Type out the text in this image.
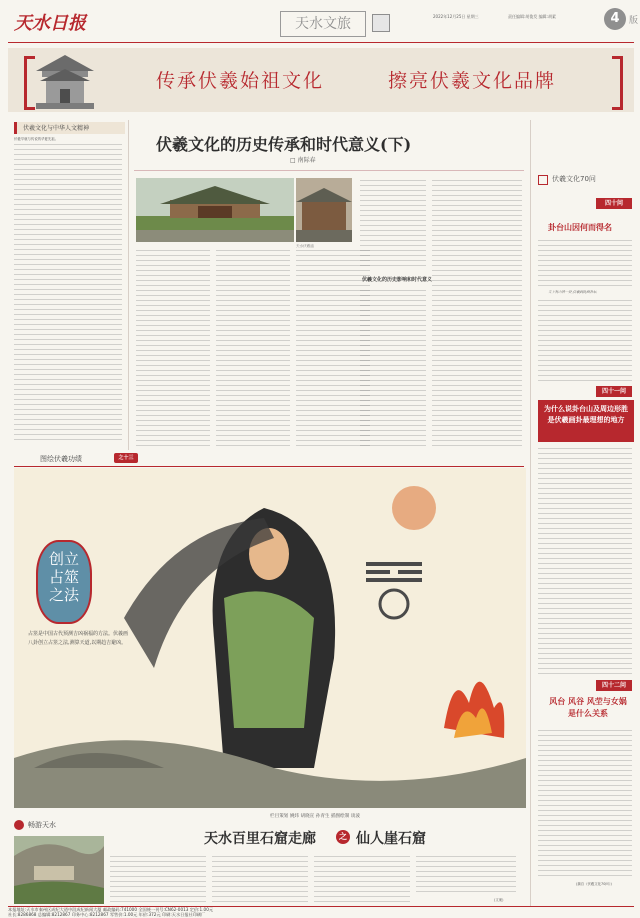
天水日报	天水文旅	2022年12月25日 星期三	责任编辑:胡俊发 编辑:胡素	4	版
传承伏羲始祖文化	擦亮伏羲文化品牌
伏羲文化与中华人文精神
伏羲早就与传说的华夏先祖。	伏羲文化的历史传承和时代意义(下)
□ 南际春
天水伏羲庙
伏羲文化的历史影响和时代意义
伏羲文化70问
四十问
卦台山因何而得名
天下有山皆一卦,伏羲到此画卦坛
四十一问
为什么说卦台山及周边形胜是伏羲画卦最理想的地方
四十二问
风台 风谷 风茔与女娲是什么关系
(摘自《伏羲文化70问》)
图绘伏羲功绩	之十三
创立占筮之法
占筮是中国古代预测吉凶祸福的方法。伏羲画八卦创立占筮之法,测算天道,以期趋吉避凶。
栏目策划 姚炜 胡晓宣 孙青生 插图绘制 谈波
畅游天水
天水百里石窟走廊	之 仙人崖石窟
(文案)
本报地址:天水市秦州区成纪大道中段成纪新闻大厦 邮政编码:741000 全国统一刊号:CN62-0013 定价:1.00元
社长:8286868 总编辑:8212867 印务中心:8212867 零售价:1.00元 年价:372元 印刷:天水日报社印刷厂
